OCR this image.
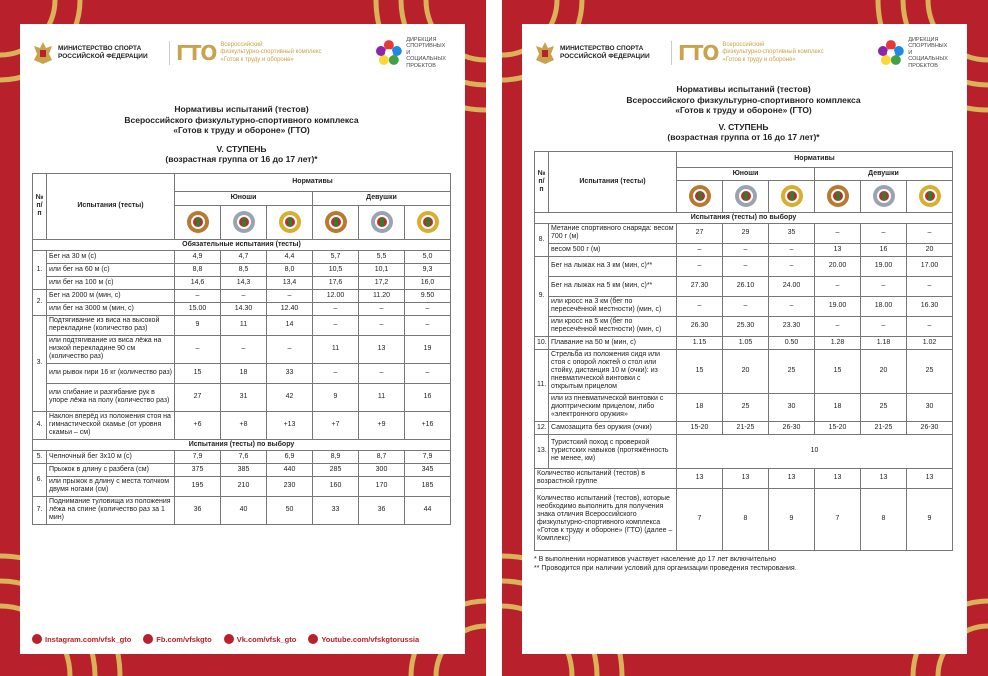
МИНИСТЕРСТВО СПОРТА
РОССИЙСКОЙ ФЕДЕРАЦИИ ГТО Всероссийский
физкультурно-спортивный комплекс
«Готов к труду и обороне»
ДИРЕКЦИЯ
СПОРТИВНЫХ
И СОЦИАЛЬНЫХ
ПРОЕКТОВ
Нормативы испытаний (тестов)
Всероссийского физкультурно-спортивного комплекса
«Готов к труду и обороне» (ГТО)
V. СТУПЕНЬ
(возрастная группа от 16 до 17 лет)*
№ п/п	Испытания (тесты)	Нормативы					
		Юноши			Девушки		

Обязательные испытания (тесты)							
1.	Бег на 30 м (с)	4,9	4,7	4,4	5,7	5,5	5,0
	или бег на 60 м (с)	8,8	8,5	8,0	10,5	10,1	9,3
	или бег на 100 м (с)	14,6	14,3	13,4	17,6	17,2	16,0
2.	Бег на 2000 м (мин, с)	–	–	–	12.00	11.20	9.50
	или бег на 3000 м (мин, с)	15.00	14.30	12.40	–	–	–
3.	Подтягивание из виса на высокой перекладине (количество раз)	9	11	14	–	–	–
	или подтягивание из виса лёжа на низкой перекладине 90 см (количество раз)	–	–	–	11	13	19
	или рывок гири 16 кг (количество раз)	15	18	33	–	–	–
	или сгибание и разгибание рук в упоре лёжа на полу (количество раз)	27	31	42	9	11	16
4.	Наклон вперёд из положения стоя на гимнастической скамье (от уровня скамьи – см)	+6	+8	+13	+7	+9	+16
Испытания (тесты) по выбору							
5.	Челночный бег 3х10 м (с)	7,9	7,6	6,9	8,9	8,7	7,9
6.	Прыжок в длину с разбега (см)	375	385	440	285	300	345
	или прыжок в длину с места толчком двумя ногами (см)	195	210	230	160	170	185
7.	Поднимание туловища из положения лёжа на спине (количество раз за 1 мин)	36	40	50	33	36	44
Instagram.com/vfsk_gto	Fb.com/vfskgto	Vk.com/vfsk_gto	Youtube.com/vfskgtorussia
МИНИСТЕРСТВО СПОРТА
РОССИЙСКОЙ ФЕДЕРАЦИИ ГТО Всероссийский
физкультурно-спортивный комплекс
«Готов к труду и обороне»
ДИРЕКЦИЯ
СПОРТИВНЫХ
И СОЦИАЛЬНЫХ
ПРОЕКТОВ
Нормативы испытаний (тестов)
Всероссийского физкультурно-спортивного комплекса
«Готов к труду и обороне» (ГТО)
V. СТУПЕНЬ
(возрастная группа от 16 до 17 лет)*
№ п/п	Испытания (тесты)	Нормативы					
		Юноши			Девушки		

Испытания (тесты) по выбору							
8.	Метание спортивного снаряда: весом 700 г (м)	27	29	35	–	–	–
	весом 500 г (м)	–	–	–	13	16	20
9.	Бег на лыжах на 3 км (мин, с)**	–	–	–	20.00	19.00	17.00
	Бег на лыжах на 5 км (мин, с)**	27.30	26.10	24.00	–	–	–
	или кросс на 3 км (бег по пересечённой местности) (мин, с)	–	–	–	19.00	18.00	16.30
	или кросс на 5 км (бег по пересечённой местности) (мин, с)	26.30	25.30	23.30	–	–	–
10.	Плавание на 50 м (мин, с)	1.15	1.05	0.50	1.28	1.18	1.02
11.	Стрельба из положения сидя или стоя с опорой локтей о стол или стойку, дистанция 10 м (очки): из пневматической винтовки с открытым прицелом	15	20	25	15	20	25
	или из пневматической винтовки с диоптрическим прицелом, либо «электронного оружия»	18	25	30	18	25	30
12.	Самозащита без оружия (очки)	15-20	21-25	26-30	15-20	21-25	26-30
13.	Туристский поход с проверкой туристских навыков (протяжённость не менее, км)	10					
Количество испытаний (тестов) в возрастной группе		13	13	13	13	13	13
Количество испытаний (тестов), которые необходимо выполнить для получения знака отличия Всероссийского физкультурно-спортивного комплекса «Готов к труду и обороне» (ГТО) (далее – Комплекс)		7	8	9	7	8	9
* В выполнении нормативов участвует население до 17 лет включительно
** Проводится при наличии условий для организации проведения тестирования.
